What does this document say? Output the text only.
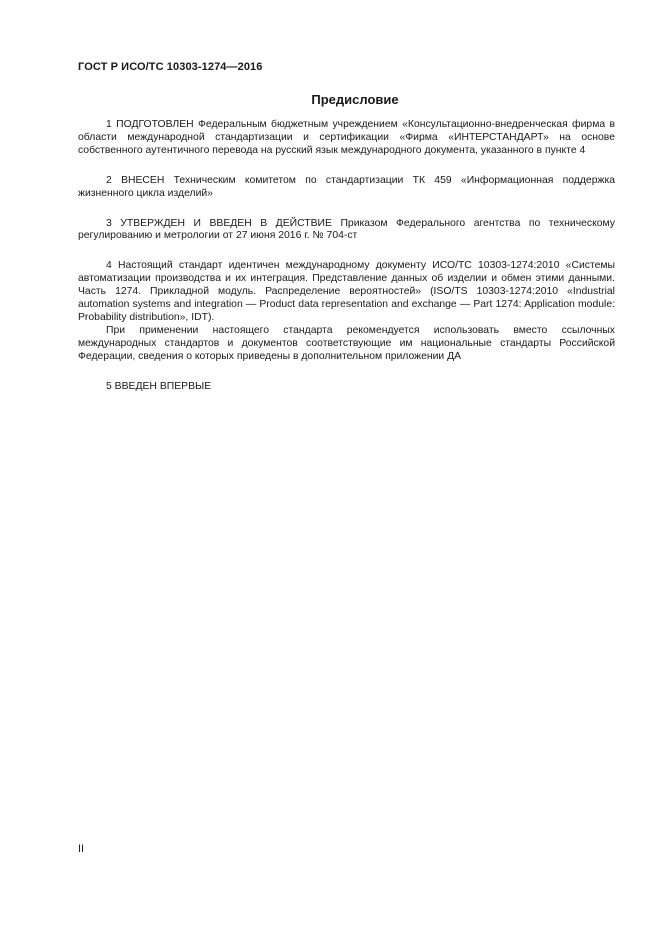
ГОСТ Р ИСО/ТС 10303-1274—2016
Предисловие

1 ПОДГОТОВЛЕН Федеральным бюджетным учреждением «Консультационно-внедренческая фирма в области международной стандартизации и сертификации «Фирма «ИНТЕРСТАНДАРТ» на основе собственного аутентичного перевода на русский язык международного документа, указанного в пункте 4

2 ВНЕСЕН Техническим комитетом по стандартизации ТК 459 «Информационная поддержка жизненного цикла изделий»

3 УТВЕРЖДЕН И ВВЕДЕН В ДЕЙСТВИЕ Приказом Федерального агентства по техническому регулированию и метрологии от 27 июня 2016 г. № 704-ст

4 Настоящий стандарт идентичен международному документу ИСО/ТС 10303-1274:2010 «Системы автоматизации производства и их интеграция. Представление данных об изделии и обмен этими данными. Часть 1274. Прикладной модуль. Распределение вероятностей» (ISO/TS 10303-1274:2010 «Industrial automation systems and integration — Product data representation and exchange — Part 1274: Application module: Probability distribution», IDT).

При применении настоящего стандарта рекомендуется использовать вместо ссылочных международных стандартов и документов соответствующие им национальные стандарты Российской Федерации, сведения о которых приведены в дополнительном приложении ДА

5 ВВЕДЕН ВПЕРВЫЕ

II
